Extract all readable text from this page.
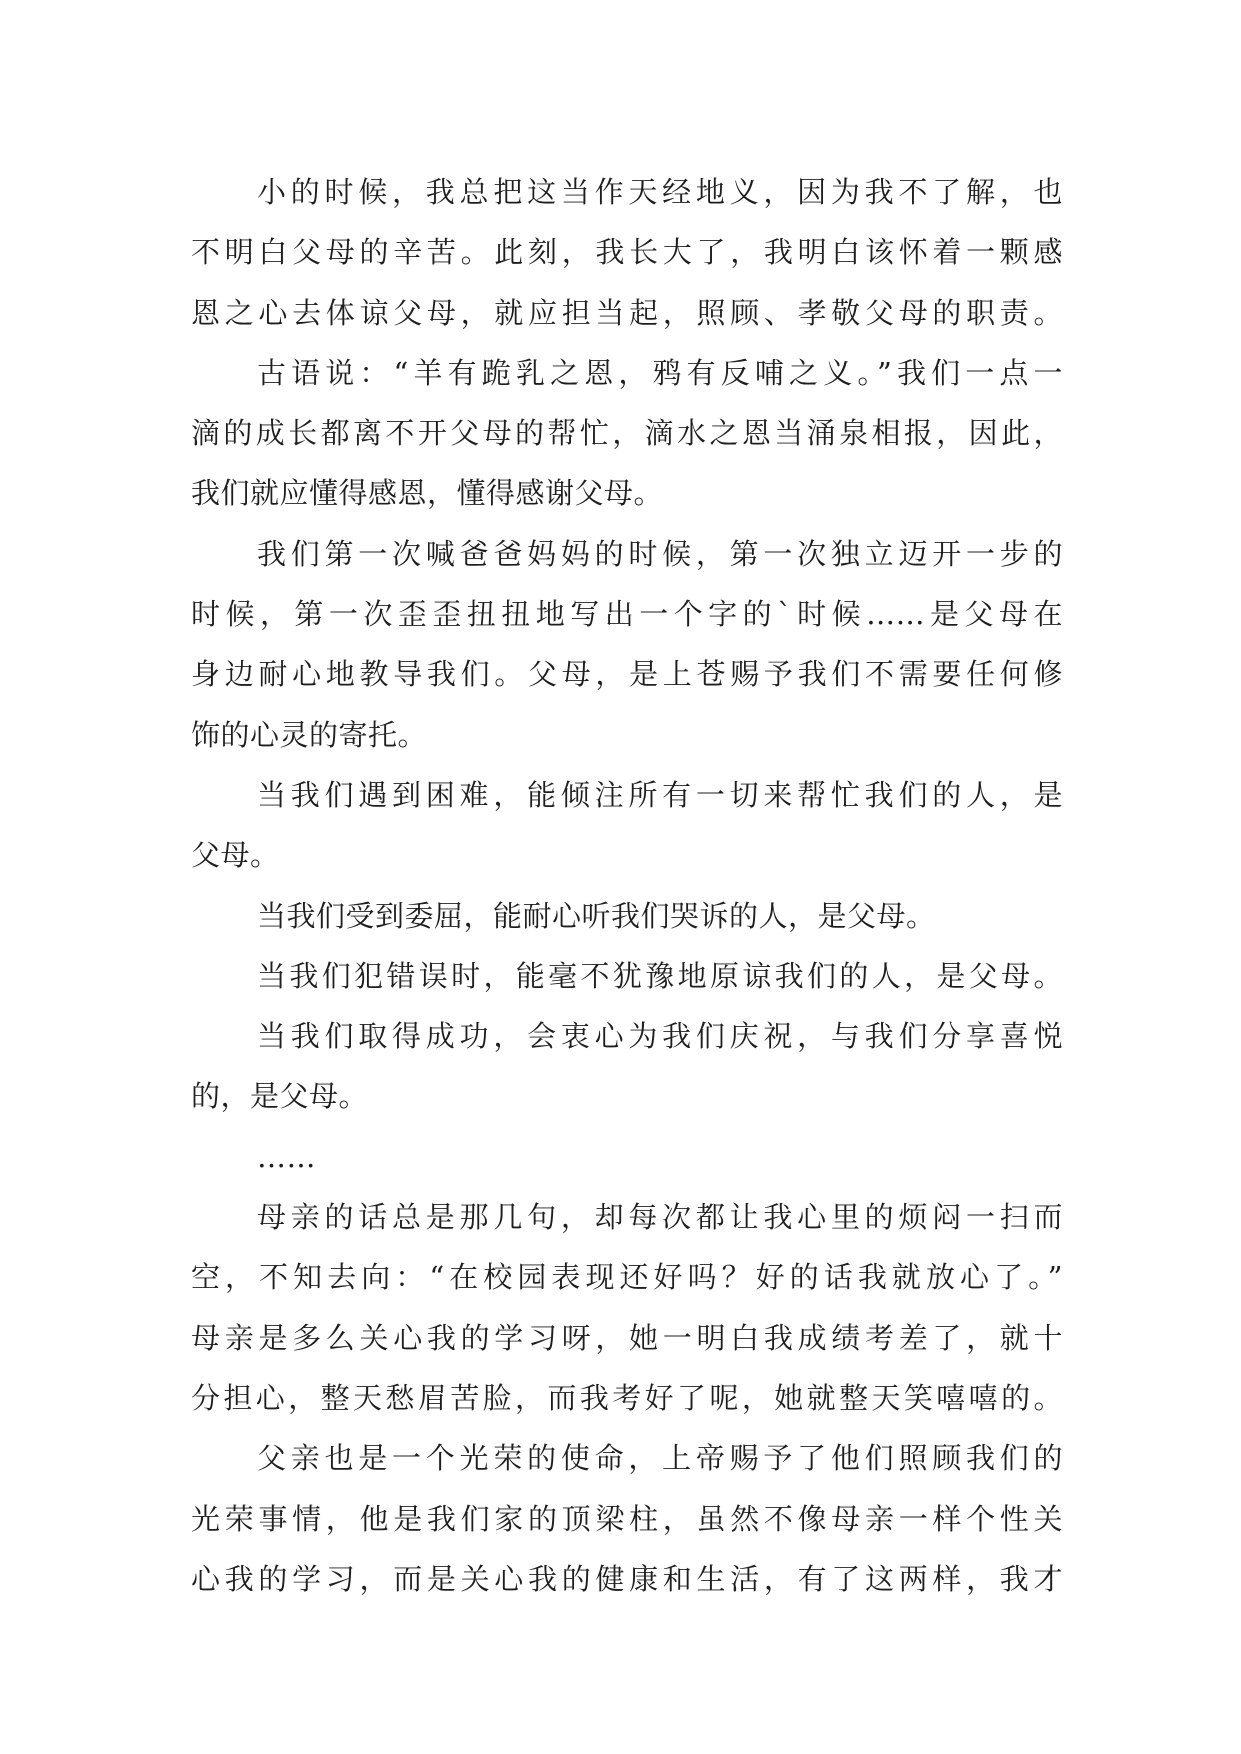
小的时候，我总把这当作天经地义，因为我不了解，也
不明白父母的辛苦。此刻，我长大了，我明白该怀着一颗感
恩之心去体谅父母，就应担当起，照顾、孝敬父母的职责。
古语说：“羊有跪乳之恩，鸦有反哺之义。”我们一点一
滴的成长都离不开父母的帮忙，滴水之恩当涌泉相报，因此，
我们就应懂得感恩，懂得感谢父母。
我们第一次喊爸爸妈妈的时候，第一次独立迈开一步的
时候，第一次歪歪扭扭地写出一个字的`时候……是父母在
身边耐心地教导我们。父母，是上苍赐予我们不需要任何修
饰的心灵的寄托。
当我们遇到困难，能倾注所有一切来帮忙我们的人，是
父母。
当我们受到委屈，能耐心听我们哭诉的人，是父母。
当我们犯错误时，能毫不犹豫地原谅我们的人，是父母。
当我们取得成功，会衷心为我们庆祝，与我们分享喜悦
的，是父母。
……
母亲的话总是那几句，却每次都让我心里的烦闷一扫而
空，不知去向：“在校园表现还好吗？好的话我就放心了。”
母亲是多么关心我的学习呀，她一明白我成绩考差了，就十
分担心，整天愁眉苦脸，而我考好了呢，她就整天笑嘻嘻的。
父亲也是一个光荣的使命，上帝赐予了他们照顾我们的
光荣事情，他是我们家的顶梁柱，虽然不像母亲一样个性关
心我的学习，而是关心我的健康和生活，有了这两样，我才
